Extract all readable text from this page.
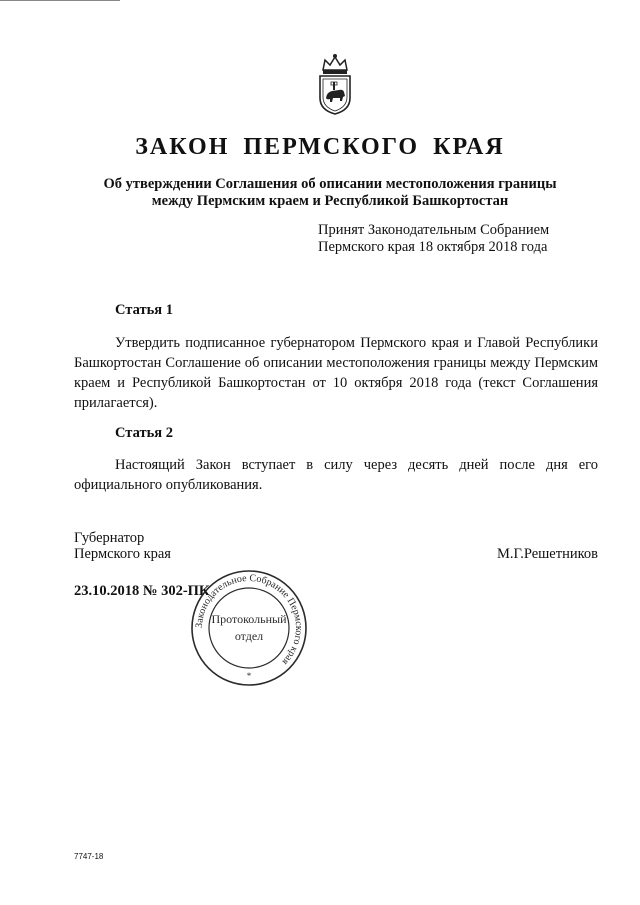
ЗАКОН ПЕРМСКОГО КРАЯ
Об утверждении Соглашения об описании местоположения границы
между Пермским краем и Республикой Башкортостан
Принят Законодательным Собранием
Пермского края 18 октября 2018 года
Статья 1
Утвердить подписанное губернатором Пермского края и Главой Республики Башкортостан Соглашение об описании местоположения границы между Пермским краем и Республикой Башкортостан от 10 октября 2018 года (текст Соглашения прилагается).
Статья 2
Настоящий Закон вступает в силу через десять дней после дня его официального опубликования.
Губернатор
Пермского края	М.Г.Решетников
23.10.2018 № 302-ПК
Законодательное Собрание Пермского края
Протокольный
отдел
*
7747-18
